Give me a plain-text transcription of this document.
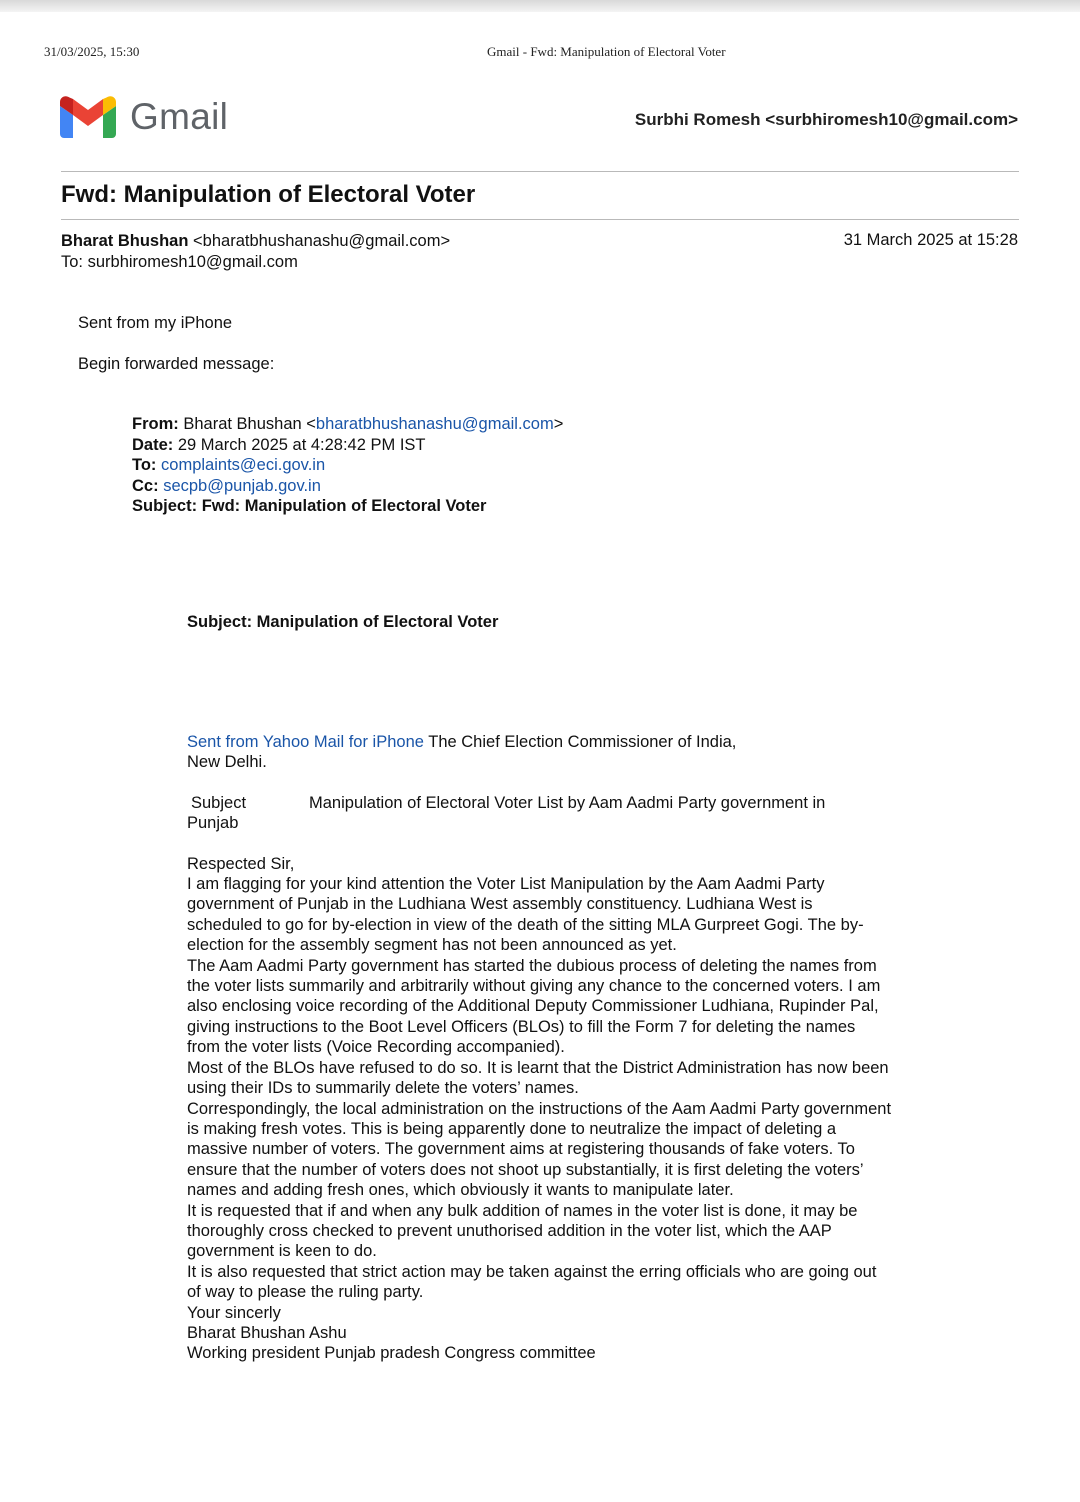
31/03/2025, 15:30	Gmail - Fwd: Manipulation of Electoral Voter
Gmail	Surbhi Romesh <surbhiromesh10@gmail.com>
Fwd: Manipulation of Electoral Voter
Bharat Bhushan <bharatbhushanashu@gmail.com>
To: surbhiromesh10@gmail.com
31 March 2025 at 15:28
Sent from my iPhone
Begin forwarded message:
From: Bharat Bhushan <bharatbhushanashu@gmail.com>
Date: 29 March 2025 at 4:28:42 PM IST
To: complaints@eci.gov.in
Cc: secpb@punjab.gov.in
Subject: Fwd: Manipulation of Electoral Voter
Subject: Manipulation of Electoral Voter

Sent from Yahoo Mail for iPhone The Chief Election Commissioner of India,

New Delhi.

Subject	Manipulation of Electoral Voter List by Aam Aadmi Party government in

Punjab

Respected Sir,

I am flagging for your kind attention the Voter List Manipulation by the Aam Aadmi Party government of Punjab in the Ludhiana West assembly constituency. Ludhiana West is scheduled to go for by-election in view of the death of the sitting MLA Gurpreet Gogi. The by-election for the assembly segment has not been announced as yet.

The Aam Aadmi Party government has started the dubious process of deleting the names from the voter lists summarily and arbitrarily without giving any chance to the concerned voters. I am also enclosing voice recording of the Additional Deputy Commissioner Ludhiana, Rupinder Pal, giving instructions to the Boot Level Officers (BLOs) to fill the Form 7 for deleting the names from the voter lists (Voice Recording accompanied).

Most of the BLOs have refused to do so. It is learnt that the District Administration has now been using their IDs to summarily delete the voters’ names.

Correspondingly, the local administration on the instructions of the Aam Aadmi Party government is making fresh votes. This is being apparently done to neutralize the impact of deleting a massive number of voters. The government aims at registering thousands of fake voters. To ensure that the number of voters does not shoot up substantially, it is first deleting the voters’ names and adding fresh ones, which obviously it wants to manipulate later.

It is requested that if and when any bulk addition of names in the voter list is done, it may be thoroughly cross checked to prevent unuthorised addition in the voter list, which the AAP government is keen to do.

It is also requested that strict action may be taken against the erring officials who are going out of way to please the ruling party.

Your sincerly

Bharat Bhushan Ashu

Working president Punjab pradesh Congress committee
